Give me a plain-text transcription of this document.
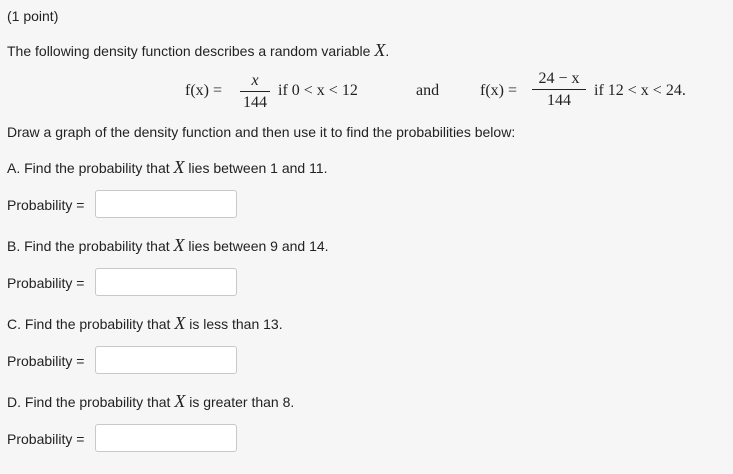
(1 point)
The following density function describes a random variable X.
f(x) =
x
144
if 0 < x < 12	and	f(x) =
24 − x
144
if 12 < x < 24.
Draw a graph of the density function and then use it to find the probabilities below:
A. Find the probability that X lies between 1 and 11.
Probability =
B. Find the probability that X lies between 9 and 14.
Probability =
C. Find the probability that X is less than 13.
Probability =
D. Find the probability that X is greater than 8.
Probability =
